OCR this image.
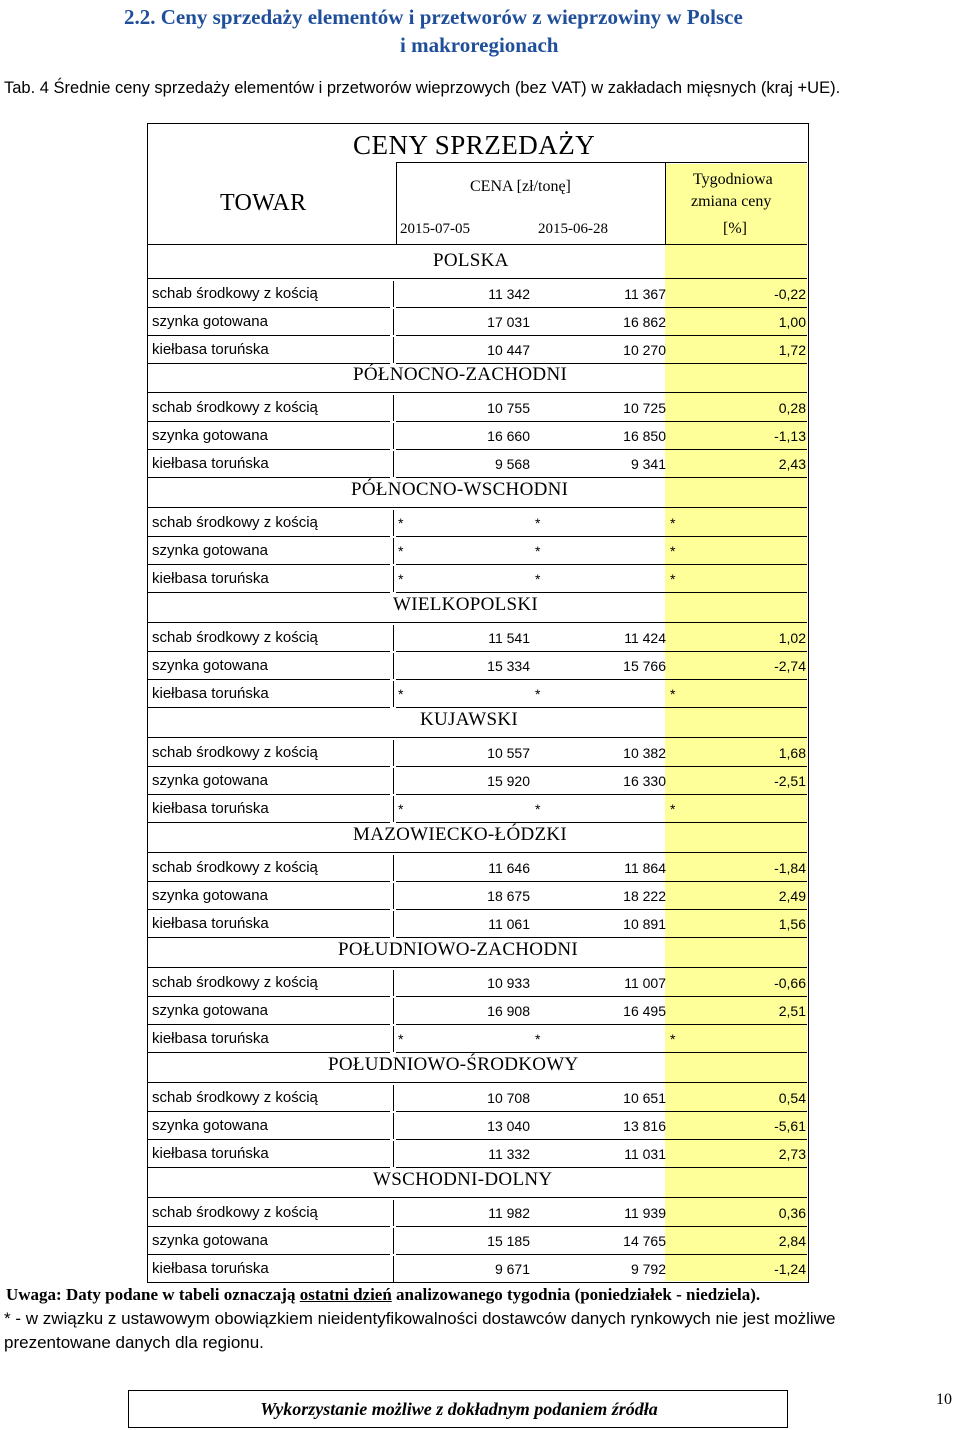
2.2. Ceny sprzedaży elementów i przetworów z wieprzowiny w Polsce
i makroregionach
Tab. 4 Średnie ceny sprzedaży elementów i przetworów wieprzowych (bez VAT) w zakładach mięsnych (kraj +UE).
CENY SPRZEDAŻY
TOWAR
CENA [zł/tonę]	Tygodniowa
zmiana ceny
[%]
2015-07-05	2015-06-28
POLSKA
schab środkowy z kością	11 342	11 367	-0,22
szynka gotowana	17 031	16 862	1,00
kiełbasa toruńska	10 447	10 270	1,72
PÓŁNOCNO-ZACHODNI
schab środkowy z kością	10 755	10 725	0,28
szynka gotowana	16 660	16 850	-1,13
kiełbasa toruńska	9 568	9 341	2,43
PÓŁNOCNO-WSCHODNI
schab środkowy z kością	*	*	*
szynka gotowana	*	*	*
kiełbasa toruńska	*	*	*
WIELKOPOLSKI
schab środkowy z kością	11 541	11 424	1,02
szynka gotowana	15 334	15 766	-2,74
kiełbasa toruńska	*	*	*
KUJAWSKI
schab środkowy z kością	10 557	10 382	1,68
szynka gotowana	15 920	16 330	-2,51
kiełbasa toruńska	*	*	*
MAZOWIECKO-ŁÓDZKI
schab środkowy z kością	11 646	11 864	-1,84
szynka gotowana	18 675	18 222	2,49
kiełbasa toruńska	11 061	10 891	1,56
POŁUDNIOWO-ZACHODNI
schab środkowy z kością	10 933	11 007	-0,66
szynka gotowana	16 908	16 495	2,51
kiełbasa toruńska	*	*	*
POŁUDNIOWO-ŚRODKOWY
schab środkowy z kością	10 708	10 651	0,54
szynka gotowana	13 040	13 816	-5,61
kiełbasa toruńska	11 332	11 031	2,73
WSCHODNI-DOLNY
schab środkowy z kością	11 982	11 939	0,36
szynka gotowana	15 185	14 765	2,84
kiełbasa toruńska	9 671	9 792	-1,24
Uwaga: Daty podane w tabeli oznaczają ostatni dzień analizowanego tygodnia (poniedziałek - niedziela).
* - w związku z ustawowym obowiązkiem nieidentyfikowalności dostawców danych rynkowych nie jest możliwe prezentowane danych dla regionu.
Wykorzystanie możliwe z dokładnym podaniem źródła	10
